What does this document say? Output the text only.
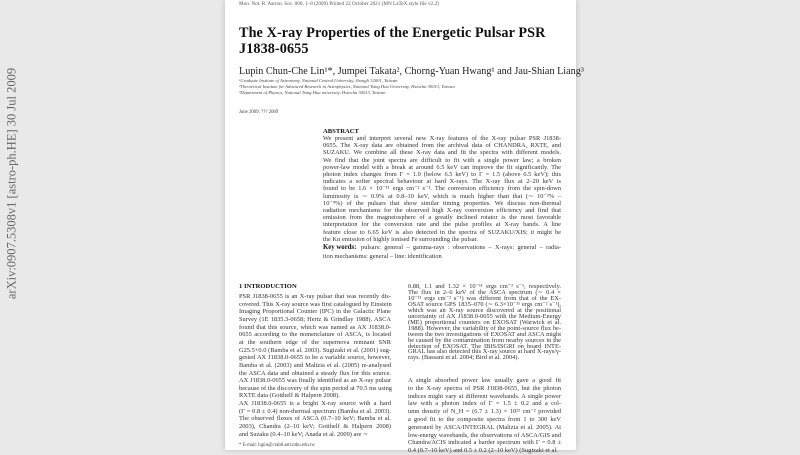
Mon. Not. R. Astron. Soc. 000, 1–8 (2009) Printed 22 October 2021 (MN LaTeX style file v2.2)
The X-ray Properties of the Energetic Pulsar PSR
J1838-0655
Lupin Chun-Che Lin¹*, Jumpei Takata², Chorng-Yuan Hwang¹ and Jau-Shian Liang³
¹Graduate Institute of Astronomy, National Central University, Jhongli 32001, Taiwan
²Theoretical Institute for Advanced Research in Astrophysics, National Tsing Hua University, Hsinchu 30013, Taiwan
³Department of Physics, National Tsing Hua university, Hsinchu 30013, Taiwan
June 2009; ??? 2009
ABSTRACT
We present and interpret several new X-ray features of the X-ray pulsar PSR J1838-
0655. The X-ray data are obtained from the archival data of CHANDRA, RXTE, and
SUZAKU. We combine all these X-ray data and fit the spectra with different models.
We find that the joint spectra are difficult to fit with a single power law; a broken
power-law model with a break at around 6.5 keV can improve the fit significantly. The
photon index changes from Γ = 1.0 (below 6.5 keV) to Γ = 1.5 (above 6.5 keV); this
indicates a softer spectral behaviour at hard X-rays. The X-ray flux at 2–20 keV is
found to be 1.6 × 10⁻¹¹ ergs cm⁻² s⁻¹. The conversion efficiency from the spin-down
luminosity is ∼ 0.9% at 0.8–10 keV, which is much higher than that (∼ 10⁻²% –
10⁻⁴%) of the pulsars that show similar timing properties. We discuss non-thermal
radiation mechanisms for the observed high X-ray conversion efficiency and find that
emission from the magnetosphere of a greatly inclined rotator is the most favorable
interpretation for the conversion rate and the pulse profiles at X-ray bands. A line
feature close to 6.65 keV is also detected in the spectra of SUZAKU/XIS; it might be
the Kα emission of highly ionised Fe surrounding the pulsar.
Key words: pulsars: general – gamma-rays : observations – X-rays: general – radia-
tion mechanisms: general – line: identification
1 INTRODUCTION
PSR J1838-0655 is an X-ray pulsar that was recently dis-
covered. This X-ray source was first catalogued by Einstein
Imaging Proportional Counter (IPC) in the Galactic Plane
Survey (1E 1835.3-0658; Hertz & Grindlay 1988). ASCA
found that this source, which was named as AX J1838.0-
0655 according to the nomenclature of ASCA, is located
at the southern edge of the supernova remnant SNR
G25.5+0.0 (Bamba et al. 2003). Sugizaki et al. (2001) sug-
gested AX J1838.0-0655 to be a variable source, however,
Bamba et al. (2003) and Malizia et al. (2005) re-analysed
the ASCA data and obtained a steady flux for this source.
AX J1838.0-0655 was finally identified as an X-ray pulsar
because of the discovery of the spin period at 70.5 ms using
RXTE data (Gotthelf & Halpern 2008).
AX J1838.0-0655 is a bright X-ray source with a hard
(Γ = 0.8 ± 0.4) non-thermal spectrum (Bamba et al. 2003).
The observed fluxes of ASCA (0.7–10 keV; Bamba et al.
2003), Chandra (2–10 keV; Gotthelf & Halpern 2008)
and Suzaku (0.4–10 keV; Anada et al. 2009) are ∼
0.88, 1.1 and 1.32 × 10⁻¹¹ ergs cm⁻² s⁻¹, respectively.
The flux in 2–6 keV of the ASCA spectrum (∼ 0.4 ×
10⁻¹¹ ergs cm⁻² s⁻¹) was different from that of the EX-
OSAT source GPS 1835–070 (∼ 6.3×10⁻¹¹ ergs cm⁻² s⁻¹),
which was an X-ray source discovered at the positional
uncertainty of AX J1838.0-0655 with the Medium-Energy
(ME) proportional counters on EXOSAT (Warwick et al.
1988). However, the variability of the point-source flux be-
tween the two investigations of EXOSAT and ASCA might
be caused by the contamination from nearby sources in the
detection of EXOSAT. The IBIS/ISGRI on board INTE-
GRAL has also detected this X-ray source at hard X-rays/γ-
rays. (Bassani et al. 2004; Bird et al. 2004).
A single absorbed power law usually gave a good fit
to the X-ray spectra of PSR J1838-0655, but the photon
indices might vary at different wavebands. A single power
law with a photon index of Γ = 1.5 ± 0.2 and a col-
umn density of N_H = (6.7 ± 1.3) × 10²² cm⁻² provided
a good fit to the composite spectra from 1 to 300 keV
generated by ASCA/INTEGRAL (Malizia et al. 2005). At
low-energy wavebands, the observations of ASCA/GIS and
Chandra/ACIS indicated a harder spectrum with Γ = 0.8 ±
0.4 (0.7–10 keV) and 0.5 ± 0.2 (2–10 keV) (Sugizaki et al.
* E-mail: lupin@crab0.astr.nthu.edu.tw
arXiv:0907.5308v1 [astro-ph.HE] 30 Jul 2009
